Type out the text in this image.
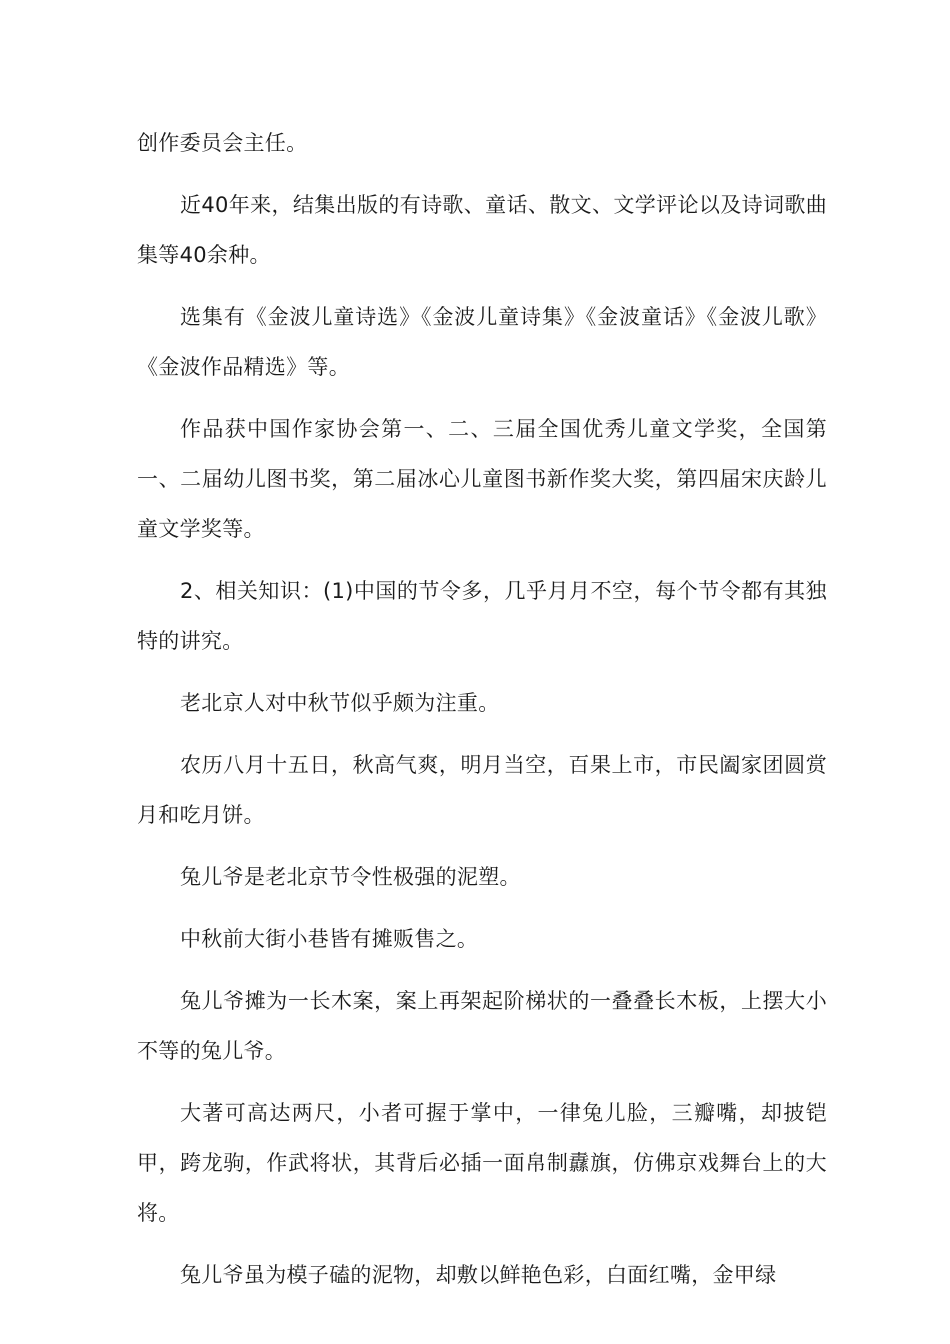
创作委员会主任。

近40年来，结集出版的有诗歌、童话、散文、文学评论以及诗词歌曲集等40余种。

选集有《金波儿童诗选》《金波儿童诗集》《金波童话》《金波儿歌》《金波作品精选》等。

作品获中国作家协会第一、二、三届全国优秀儿童文学奖，全国第一、二届幼儿图书奖，第二届冰心儿童图书新作奖大奖，第四届宋庆龄儿童文学奖等。

2、相关知识：(1)中国的节令多，几乎月月不空，每个节令都有其独特的讲究。

老北京人对中秋节似乎颇为注重。

农历八月十五日，秋高气爽，明月当空，百果上市，市民阖家团圆赏月和吃月饼。

兔儿爷是老北京节令性极强的泥塑。

中秋前大街小巷皆有摊贩售之。

兔儿爷摊为一长木案，案上再架起阶梯状的一叠叠长木板，上摆大小不等的兔儿爷。

大著可高达两尺，小者可握于掌中，一律兔儿脸，三瓣嘴，却披铠甲，跨龙驹，作武将状，其背后必插一面帛制纛旗，仿佛京戏舞台上的大将。

兔儿爷虽为模子磕的泥物，却敷以鲜艳色彩，白面红嘴，金甲绿
